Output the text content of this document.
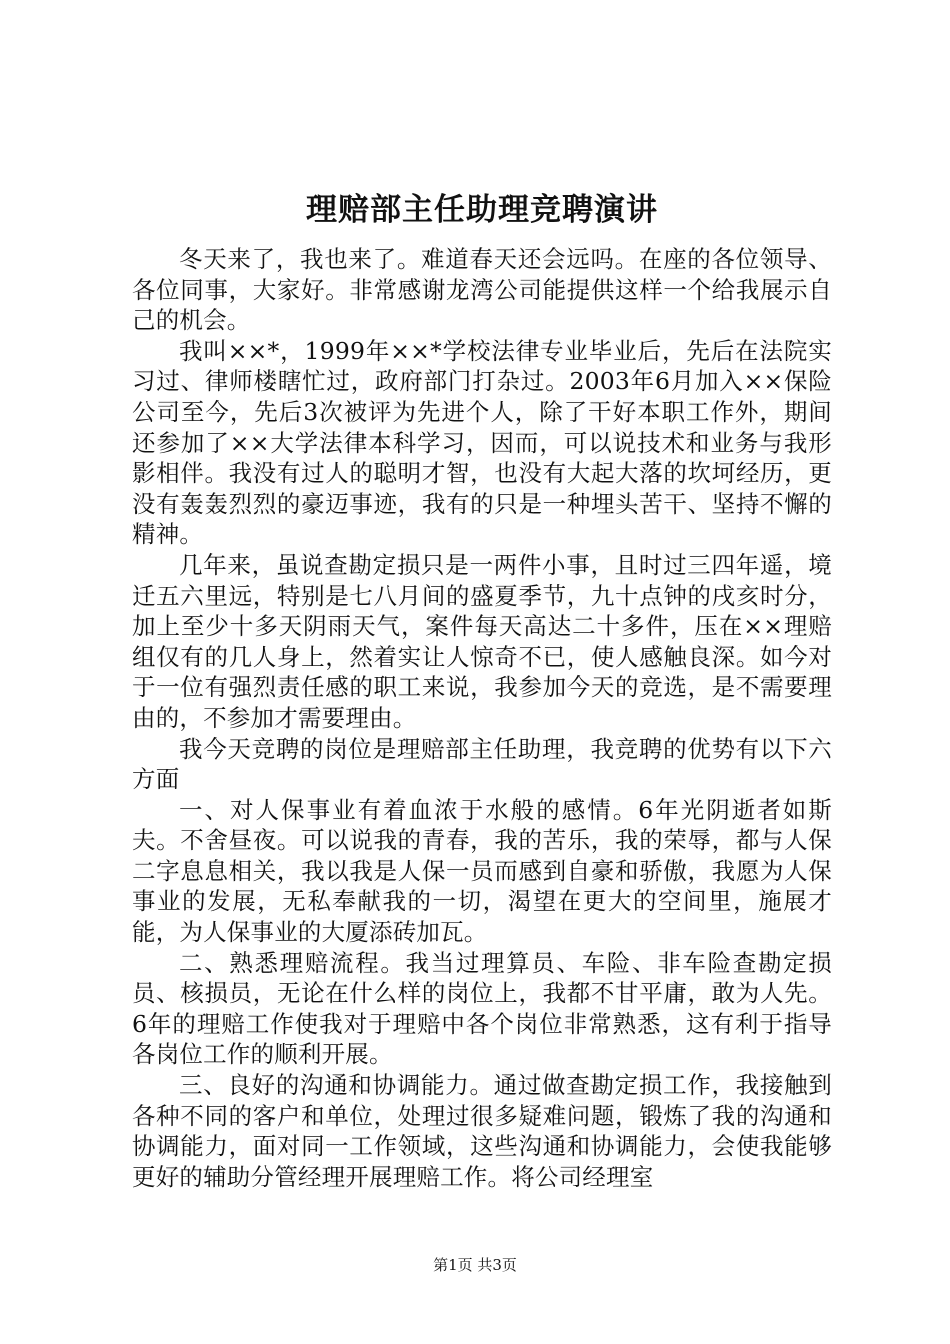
理赔部主任助理竞聘演讲

冬天来了，我也来了。难道春天还会远吗。在座的各位领导、各位同事，大家好。非常感谢龙湾公司能提供这样一个给我展示自己的机会。

我叫××*，1999年××*学校法律专业毕业后，先后在法院实习过、律师楼瞎忙过，政府部门打杂过。2003年6月加入××保险公司至今，先后3次被评为先进个人，除了干好本职工作外，期间还参加了××大学法律本科学习，因而，可以说技术和业务与我形影相伴。我没有过人的聪明才智，也没有大起大落的坎坷经历，更没有轰轰烈烈的豪迈事迹，我有的只是一种埋头苦干、坚持不懈的精神。

几年来，虽说查勘定损只是一两件小事，且时过三四年遥，境迁五六里远，特别是七八月间的盛夏季节，九十点钟的戌亥时分，加上至少十多天阴雨天气，案件每天高达二十多件，压在××理赔组仅有的几人身上，然着实让人惊奇不已，使人感触良深。如今对于一位有强烈责任感的职工来说，我参加今天的竞选，是不需要理由的，不参加才需要理由。

我今天竞聘的岗位是理赔部主任助理，我竞聘的优势有以下六方面

一、对人保事业有着血浓于水般的感情。6年光阴逝者如斯夫。不舍昼夜。可以说我的青春，我的苦乐，我的荣辱，都与人保二字息息相关，我以我是人保一员而感到自豪和骄傲，我愿为人保事业的发展，无私奉献我的一切，渴望在更大的空间里，施展才能，为人保事业的大厦添砖加瓦。

二、熟悉理赔流程。我当过理算员、车险、非车险查勘定损员、核损员，无论在什么样的岗位上，我都不甘平庸，敢为人先。6年的理赔工作使我对于理赔中各个岗位非常熟悉，这有利于指导各岗位工作的顺利开展。

三、良好的沟通和协调能力。通过做查勘定损工作，我接触到各种不同的客户和单位，处理过很多疑难问题，锻炼了我的沟通和协调能力，面对同一工作领域，这些沟通和协调能力，会使我能够更好的辅助分管经理开展理赔工作。将公司经理室

第1页 共3页
